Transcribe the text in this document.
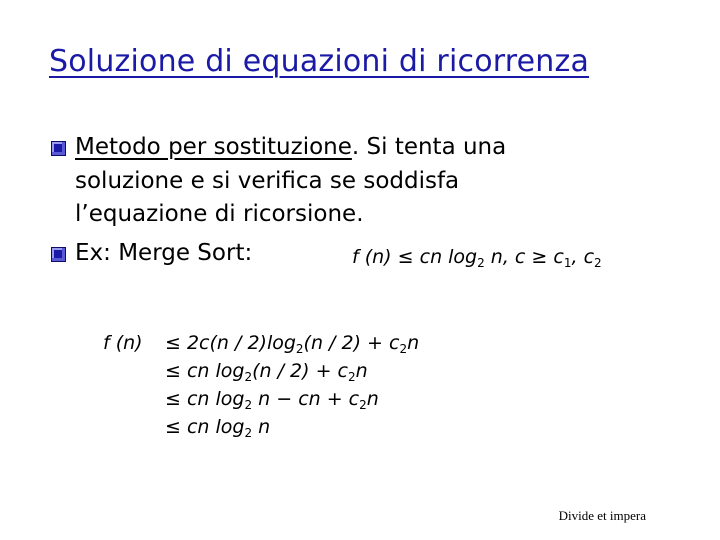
Soluzione di equazioni di ricorrenza
Metodo per sostituzione. Si tenta una
soluzione e si verifica se soddisfa
l’equazione di ricorsione.
Ex: Merge Sort:	f (n) ≤ cn $\log_2 n$, $c \ge c_1$, $c_2$
f $(n) \le 2c(n / 2)\log_2(n / 2) + c_2n$
≤ cn $\log_2(n / 2) + c_2n$
≤ cn $\log_2 n$ − cn + $c_2n$
≤ cn $\log_2 n$
Divide et impera
